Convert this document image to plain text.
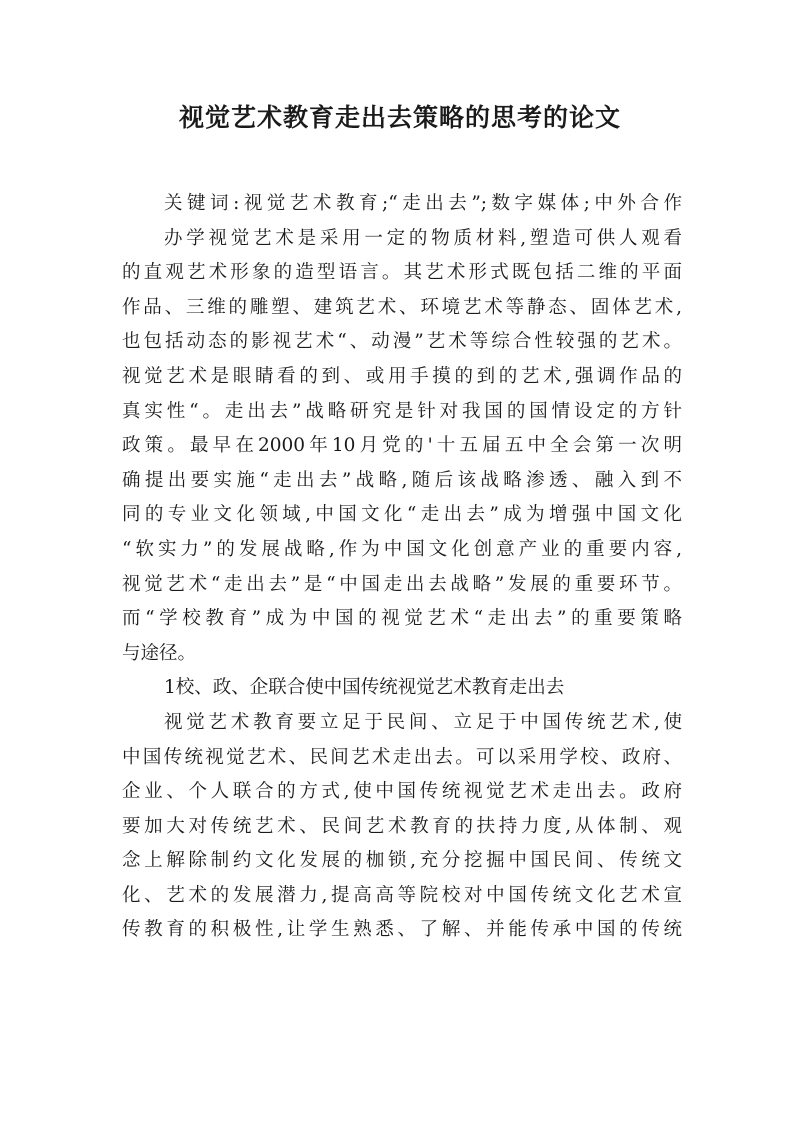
视觉艺术教育走出去策略的思考的论文
关键词:视觉艺术教育;“走出去”;数字媒体;中外合作
办学视觉艺术是采用一定的物质材料,塑造可供人观看
的直观艺术形象的造型语言。其艺术形式既包括二维的平面
作品、三维的雕塑、建筑艺术、环境艺术等静态、固体艺术,
也包括动态的影视艺术“、动漫”艺术等综合性较强的艺术。
视觉艺术是眼睛看的到、或用手摸的到的艺术,强调作品的
真实性“。走出去”战略研究是针对我国的国情设定的方针
政策。最早在2000年10月党的'十五届五中全会第一次明
确提出要实施“走出去”战略,随后该战略渗透、融入到不
同的专业文化领域,中国文化“走出去”成为增强中国文化
“软实力”的发展战略,作为中国文化创意产业的重要内容,
视觉艺术“走出去”是“中国走出去战略”发展的重要环节。
而“学校教育”成为中国的视觉艺术“走出去”的重要策略
与途径。
1校、政、企联合使中国传统视觉艺术教育走出去
视觉艺术教育要立足于民间、立足于中国传统艺术,使
中国传统视觉艺术、民间艺术走出去。可以采用学校、政府、
企业、个人联合的方式,使中国传统视觉艺术走出去。政府
要加大对传统艺术、民间艺术教育的扶持力度,从体制、观
念上解除制约文化发展的枷锁,充分挖掘中国民间、传统文
化、艺术的发展潜力,提高高等院校对中国传统文化艺术宣
传教育的积极性,让学生熟悉、了解、并能传承中国的传统
